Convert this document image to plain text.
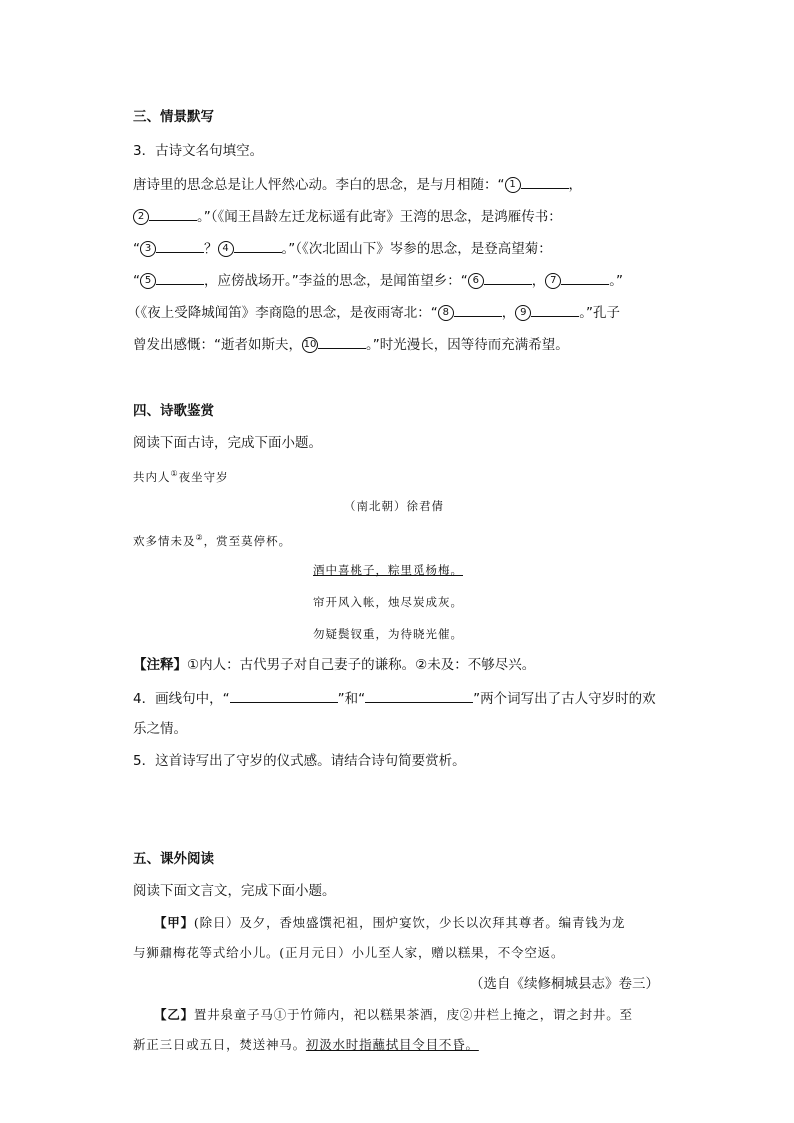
三、情景默写
3．古诗文名句填空。
唐诗里的思念总是让人怦然心动。李白的思念，是与月相随：“ 1	，
2	。”（《闻王昌龄左迁龙标遥有此寄》王湾的思念，是鸿雁传书：
“ 3	？ 4	。”（《次北固山下》岑参的思念，是登高望菊：
“ 5	，应傍战场开。”李益的思念，是闻笛望乡：“ 6	， 7	。”
（《夜上受降城闻笛》李商隐的思念，是夜雨寄北：“ 8	， 9	。”孔子
曾发出感慨：“逝者如斯夫， 10	。”时光漫长，因等待而充满希望。
四、诗歌鉴赏
阅读下面古诗，完成下面小题。
共内人①夜坐守岁
（南北朝）徐君倩
欢多情未及②，赏至莫停杯。
酒中喜桃子，粽里觅杨梅。
帘开风入帐，烛尽炭成灰。
勿疑鬓钗重，为待晓光催。
【注释】①内人：古代男子对自己妻子的谦称。②未及：不够尽兴。
4．画线句中，“	”和“	”两个词写出了古人守岁时的欢
乐之情。
5．这首诗写出了守岁的仪式感。请结合诗句简要赏析。
五、课外阅读
阅读下面文言文，完成下面小题。
【甲】(除日）及夕，香烛盛馔祀祖，围炉宴饮，少长以次拜其尊者。编青钱为龙
与狮鼐梅花等式给小儿。(正月元日）小儿至人家，赠以糕果，不令空返。
（选自《续修桐城县志》卷三）
【乙】置井泉童子马①于竹筛内，祀以糕果茶酒，庋②井栏上掩之，谓之封井。至
新正三日或五日，焚送神马。初汲水时指蘸拭目令目不昏。
